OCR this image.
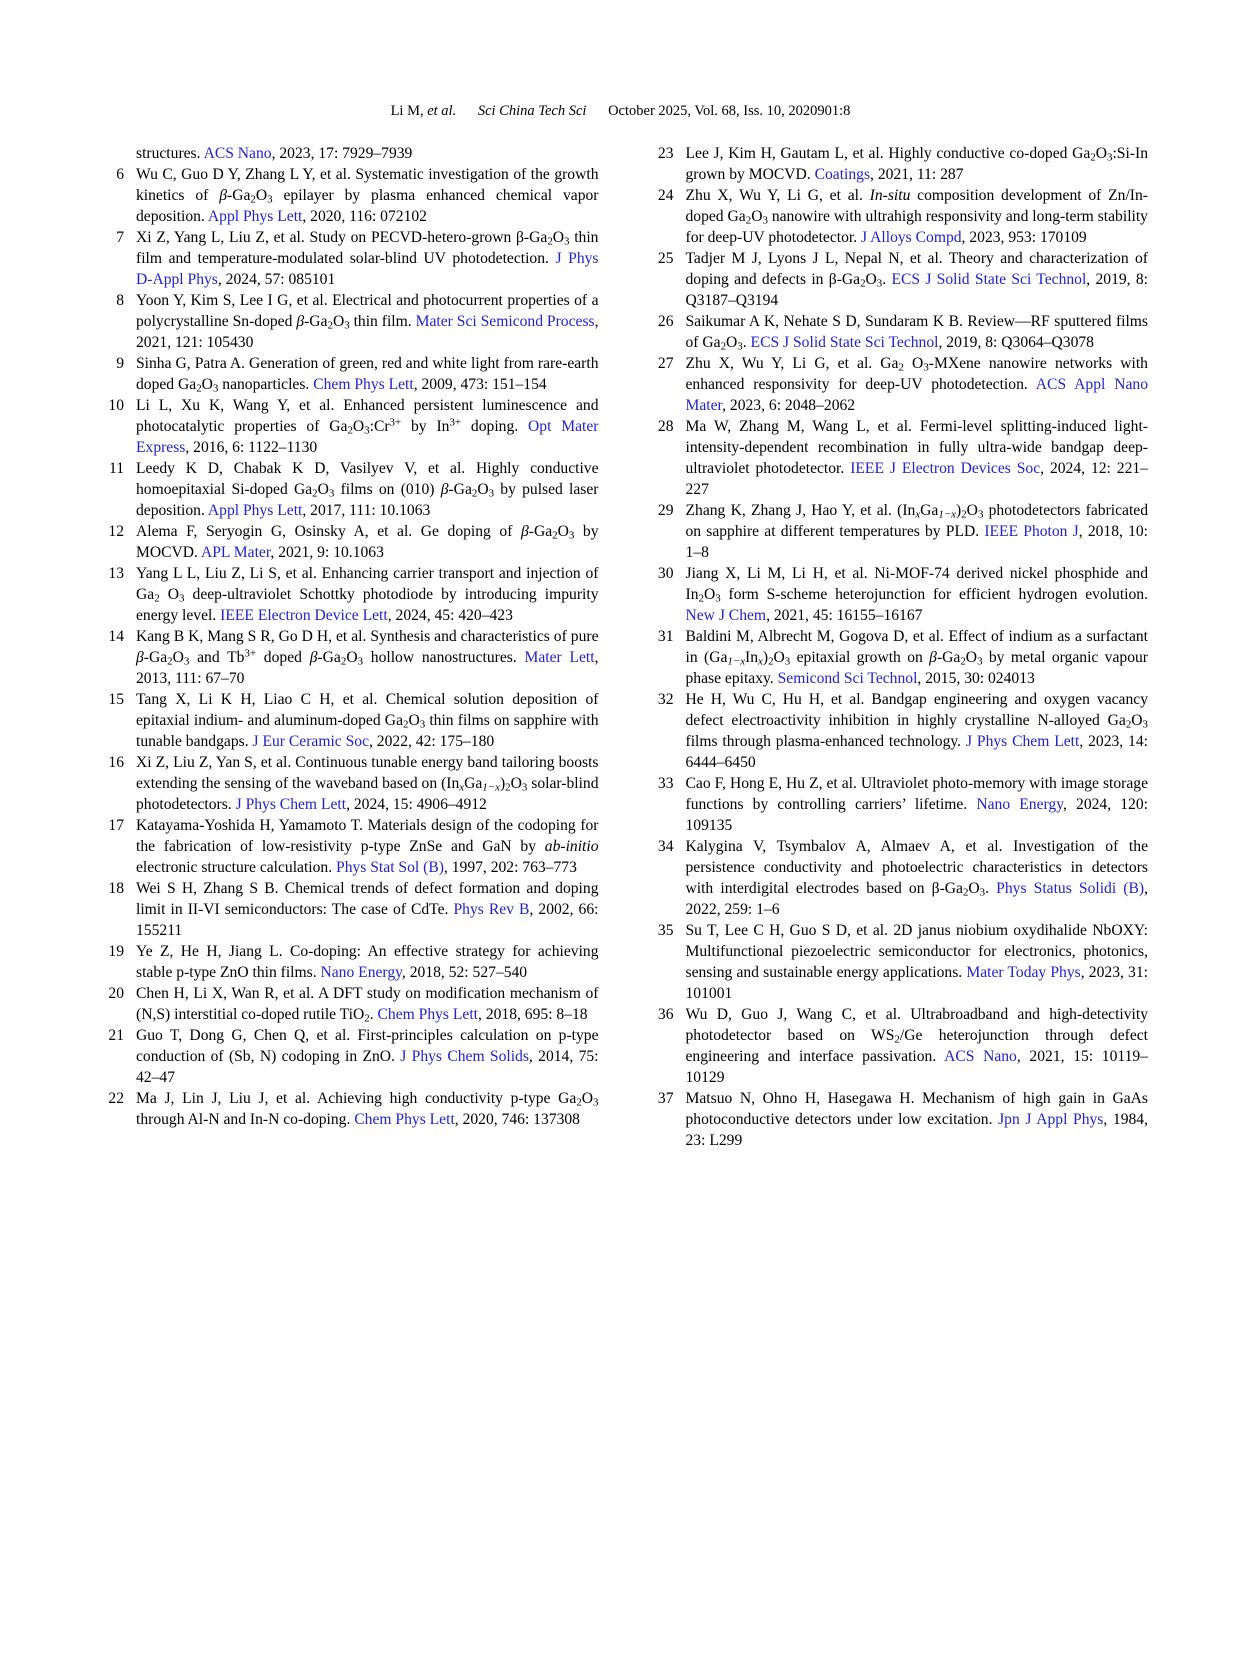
Li M, et al. Sci China Tech Sci October 2025, Vol. 68, Iss. 10, 2020901:8
structures. ACS Nano, 2023, 17: 7929–7939
6 Wu C, Guo D Y, Zhang L Y, et al. Systematic investigation of the growth kinetics of $\beta-Ga_2O_3$ epilayer by plasma enhanced chemical vapor deposition. Appl Phys Lett, 2020, 116: 072102
7 Xi Z, Yang L, Liu Z, et al. Study on PECVD-hetero-grown $\beta-Ga_2O_3$ thin film and temperature-modulated solar-blind UV photodetection. J Phys D-Appl Phys, 2024, 57: 085101
8 Yoon Y, Kim S, Lee I G, et al. Electrical and photocurrent properties of a polycrystalline Sn-doped $\beta-Ga_2O_3$ thin film. Mater Sci Semicond Process, 2021, 121: 105430
9 Sinha G, Patra A. Generation of green, red and white light from rare-earth doped $Ga_2O_3$ nanoparticles. Chem Phys Lett, 2009, 473: 151–154
10 Li L, Xu K, Wang Y, et al. Enhanced persistent luminescence and photocatalytic properties of $Ga_2O_3:Cr^{3+}$ by $In^{3+}$ doping. Opt Mater Express, 2016, 6: 1122–1130
11 Leedy K D, Chabak K D, Vasilyev V, et al. Highly conductive homoepitaxial Si-doped $Ga_2O_3$ films on (010) $\beta-Ga_2O_3$ by pulsed laser deposition. Appl Phys Lett, 2017, 111: 10.1063
12 Alema F, Seryogin G, Osinsky A, et al. Ge doping of $\beta-Ga_2O_3$ by MOCVD. APL Mater, 2021, 9: 10.1063
13 Yang L L, Liu Z, Li S, et al. Enhancing carrier transport and injection of $Ga_2$ $O_3$ deep-ultraviolet Schottky photodiode by introducing impurity energy level. IEEE Electron Device Lett, 2024, 45: 420–423
14 Kang B K, Mang S R, Go D H, et al. Synthesis and characteristics of pure $\beta-Ga_2O_3$ and $Tb^{3+}$ doped $\beta-Ga_2O_3$ hollow nanostructures. Mater Lett, 2013, 111: 67–70
15 Tang X, Li K H, Liao C H, et al. Chemical solution deposition of epitaxial indium- and aluminum-doped $Ga_2O_3$ thin films on sapphire with tunable bandgaps. J Eur Ceramic Soc, 2022, 42: 175–180
16 Xi Z, Liu Z, Yan S, et al. Continuous tunable energy band tailoring boosts extending the sensing of the waveband based on $(In_xGa_{1-x})_2O_3$ solar-blind photodetectors. J Phys Chem Lett, 2024, 15: 4906–4912
17 Katayama-Yoshida H, Yamamoto T. Materials design of the codoping for the fabrication of low-resistivity p-type ZnSe and GaN by ab-initio electronic structure calculation. Phys Stat Sol (B), 1997, 202: 763–773
18 Wei S H, Zhang S B. Chemical trends of defect formation and doping limit in II-VI semiconductors: The case of CdTe. Phys Rev B, 2002, 66: 155211
19 Ye Z, He H, Jiang L. Co-doping: An effective strategy for achieving stable p-type ZnO thin films. Nano Energy, 2018, 52: 527–540
20 Chen H, Li X, Wan R, et al. A DFT study on modification mechanism of (N,S) interstitial co-doped rutile TiO$_2$. Chem Phys Lett, 2018, 695: 8–18
21 Guo T, Dong G, Chen Q, et al. First-principles calculation on p-type conduction of (Sb, N) codoping in ZnO. J Phys Chem Solids, 2014, 75: 42–47
22 Ma J, Lin J, Liu J, et al. Achieving high conductivity p-type $Ga_2O_3$ through Al-N and In-N co-doping. Chem Phys Lett, 2020, 746: 137308
23 Lee J, Kim H, Gautam L, et al. Highly conductive co-doped $Ga_2O_3:Si-In$ grown by MOCVD. Coatings, 2021, 11: 287
24 Zhu X, Wu Y, Li G, et al. In-situ composition development of Zn/In-doped $Ga_2O_3$ nanowire with ultrahigh responsivity and long-term stability for deep-UV photodetector. J Alloys Compd, 2023, 953: 170109
25 Tadjer M J, Lyons J L, Nepal N, et al. Theory and characterization of doping and defects in $\beta-Ga_2O_3$. ECS J Solid State Sci Technol, 2019, 8: Q3187–Q3194
26 Saikumar A K, Nehate S D, Sundaram K B. Review—RF sputtered films of $Ga_2O_3$. ECS J Solid State Sci Technol, 2019, 8: Q3064–Q3078
27 Zhu X, Wu Y, Li G, et al. $Ga_2$ $O_3$-MXene nanowire networks with enhanced responsivity for deep-UV photodetection. ACS Appl Nano Mater, 2023, 6: 2048–2062
28 Ma W, Zhang M, Wang L, et al. Fermi-level splitting-induced light-intensity-dependent recombination in fully ultra-wide bandgap deep-ultraviolet photodetector. IEEE J Electron Devices Soc, 2024, 12: 221–227
29 Zhang K, Zhang J, Hao Y, et al. $(In_xGa_{1-x})_2O_3$ photodetectors fabricated on sapphire at different temperatures by PLD. IEEE Photon J, 2018, 10: 1–8
30 Jiang X, Li M, Li H, et al. Ni-MOF-74 derived nickel phosphide and $In_2O_3$ form S-scheme heterojunction for efficient hydrogen evolution. New J Chem, 2021, 45: 16155–16167
31 Baldini M, Albrecht M, Gogova D, et al. Effect of indium as a surfactant in $(Ga_{1-x}In_x)_2O_3$ epitaxial growth on $\beta-Ga_2O_3$ by metal organic vapour phase epitaxy. Semicond Sci Technol, 2015, 30: 024013
32 He H, Wu C, Hu H, et al. Bandgap engineering and oxygen vacancy defect electroactivity inhibition in highly crystalline N-alloyed $Ga_2O_3$ films through plasma-enhanced technology. J Phys Chem Lett, 2023, 14: 6444–6450
33 Cao F, Hong E, Hu Z, et al. Ultraviolet photo-memory with image storage functions by controlling carriers’ lifetime. Nano Energy, 2024, 120: 109135
34 Kalygina V, Tsymbalov A, Almaev A, et al. Investigation of the persistence conductivity and photoelectric characteristics in detectors with interdigital electrodes based on $\beta-Ga_2O_3$. Phys Status Solidi (B), 2022, 259: 1–6
35 Su T, Lee C H, Guo S D, et al. 2D janus niobium oxydihalide NbOXY: Multifunctional piezoelectric semiconductor for electronics, photonics, sensing and sustainable energy applications. Mater Today Phys, 2023, 31: 101001
36 Wu D, Guo J, Wang C, et al. Ultrabroadband and high-detectivity photodetector based on $WS_2/Ge$ heterojunction through defect engineering and interface passivation. ACS Nano, 2021, 15: 10119–10129
37 Matsuo N, Ohno H, Hasegawa H. Mechanism of high gain in GaAs photoconductive detectors under low excitation. Jpn J Appl Phys, 1984, 23: L299
